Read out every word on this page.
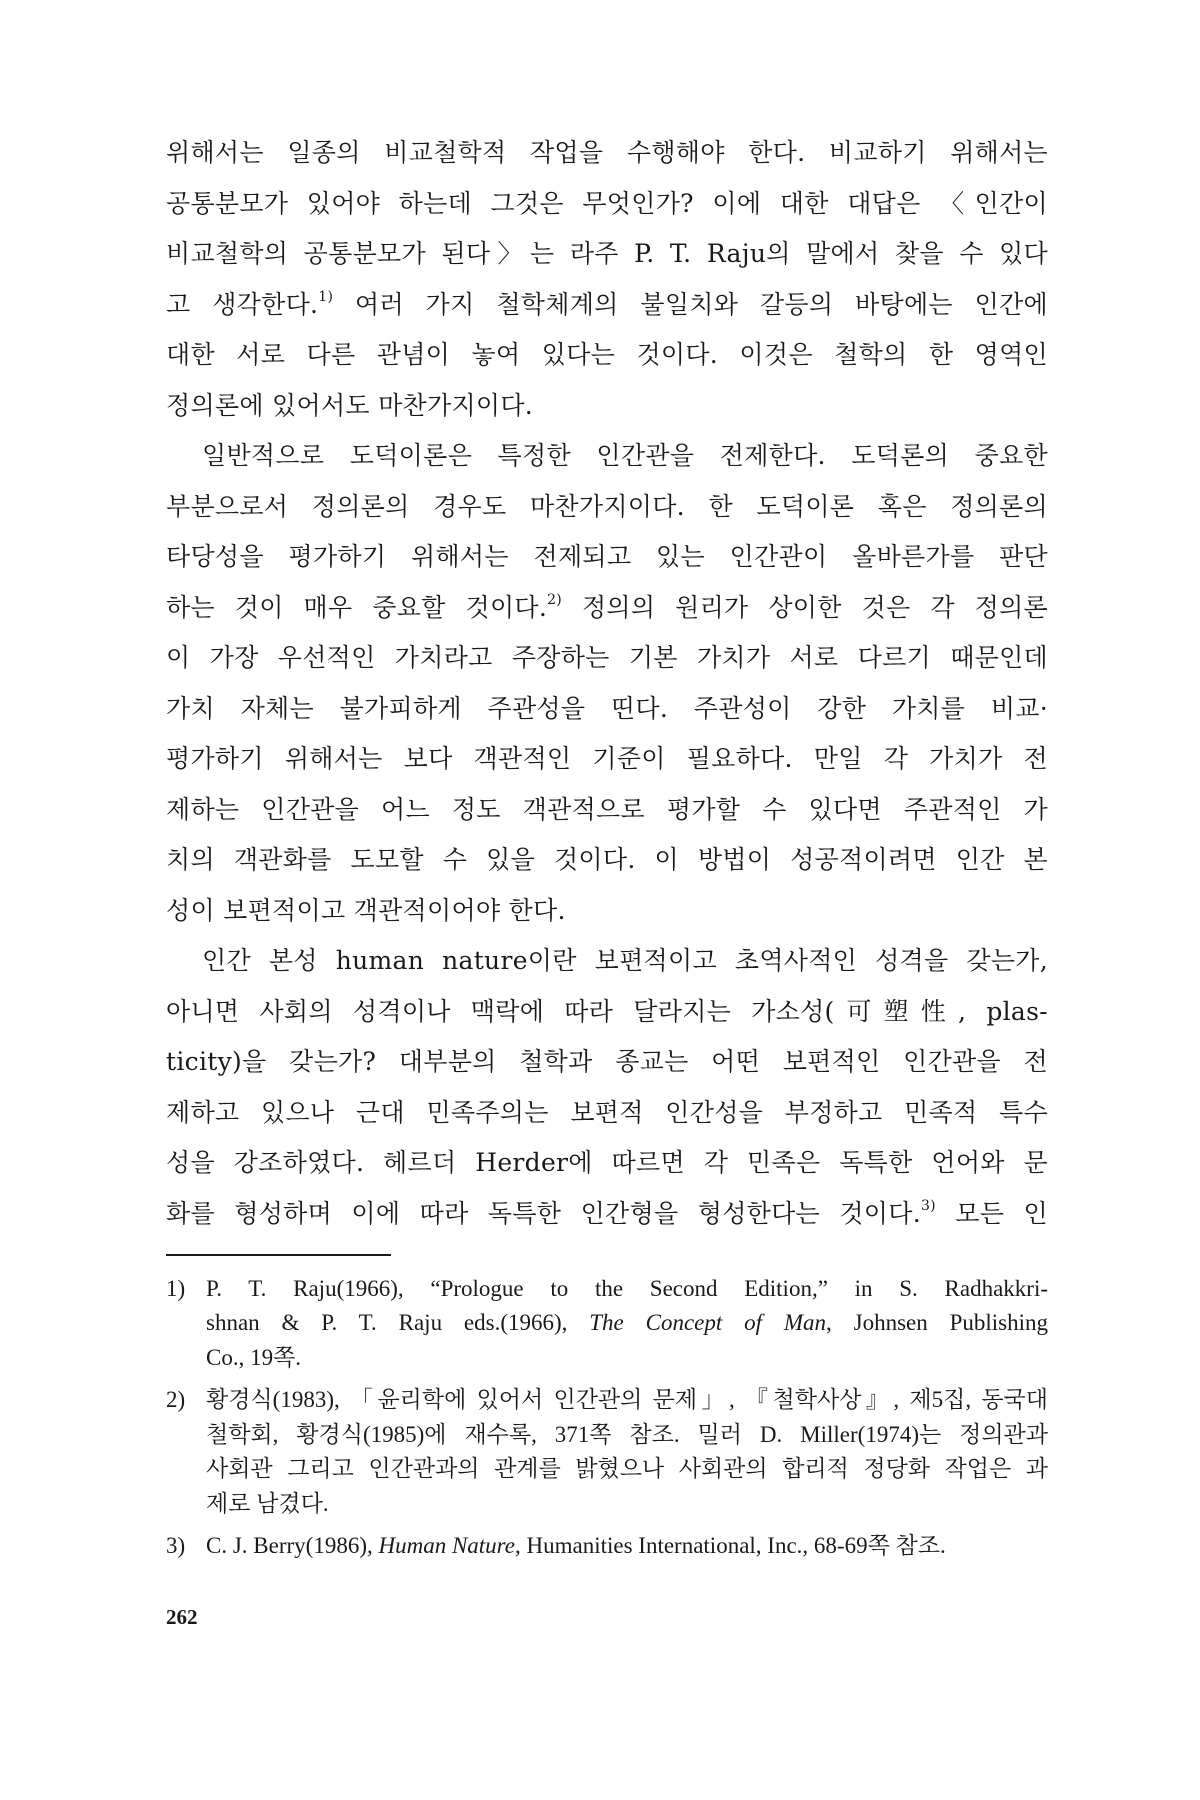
위해서는 일종의 비교철학적 작업을 수행해야 한다. 비교하기 위해서는
공통분모가 있어야 하는데 그것은 무엇인가? 이에 대한 대답은 〈인간이
비교철학의 공통분모가 된다〉는 라주 P. T. Raju의 말에서 찾을 수 있다
고 생각한다.$^{1)}$ 여러 가지 철학체계의 불일치와 갈등의 바탕에는 인간에
대한 서로 다른 관념이 놓여 있다는 것이다. 이것은 철학의 한 영역인
정의론에 있어서도 마찬가지이다.
일반적으로 도덕이론은 특정한 인간관을 전제한다. 도덕론의 중요한
부분으로서 정의론의 경우도 마찬가지이다. 한 도덕이론 혹은 정의론의
타당성을 평가하기 위해서는 전제되고 있는 인간관이 올바른가를 판단
하는 것이 매우 중요할 것이다.$^{2)}$ 정의의 원리가 상이한 것은 각 정의론
이 가장 우선적인 가치라고 주장하는 기본 가치가 서로 다르기 때문인데
가치 자체는 불가피하게 주관성을 띤다. 주관성이 강한 가치를 비교·
평가하기 위해서는 보다 객관적인 기준이 필요하다. 만일 각 가치가 전
제하는 인간관을 어느 정도 객관적으로 평가할 수 있다면 주관적인 가
치의 객관화를 도모할 수 있을 것이다. 이 방법이 성공적이려면 인간 본
성이 보편적이고 객관적이어야 한다.
인간 본성 human nature이란 보편적이고 초역사적인 성격을 갖는가,
아니면 사회의 성격이나 맥락에 따라 달라지는 가소성(可塑性, plas-
ticity)을 갖는가? 대부분의 철학과 종교는 어떤 보편적인 인간관을 전
제하고 있으나 근대 민족주의는 보편적 인간성을 부정하고 민족적 특수
성을 강조하였다. 헤르더 Herder에 따르면 각 민족은 독특한 언어와 문
화를 형성하며 이에 따라 독특한 인간형을 형성한다는 것이다.$^{3)}$ 모든 인
1) P. T. Raju(1966), “Prologue to the Second Edition,” in S. Radhakkri-
shnan & P. T. Raju eds.(1966), The Concept of Man, Johnsen Publishing
Co., 19쪽.
2) 황경식(1983), 「윤리학에 있어서 인간관의 문제」, 『철학사상』, 제5집, 동국대
철학회, 황경식(1985)에 재수록, 371쪽 참조. 밀러 D. Miller(1974)는 정의관과
사회관 그리고 인간관과의 관계를 밝혔으나 사회관의 합리적 정당화 작업은 과
제로 남겼다.
3) C. J. Berry(1986), Human Nature, Humanities International, Inc., 68-69쪽 참조.
262
